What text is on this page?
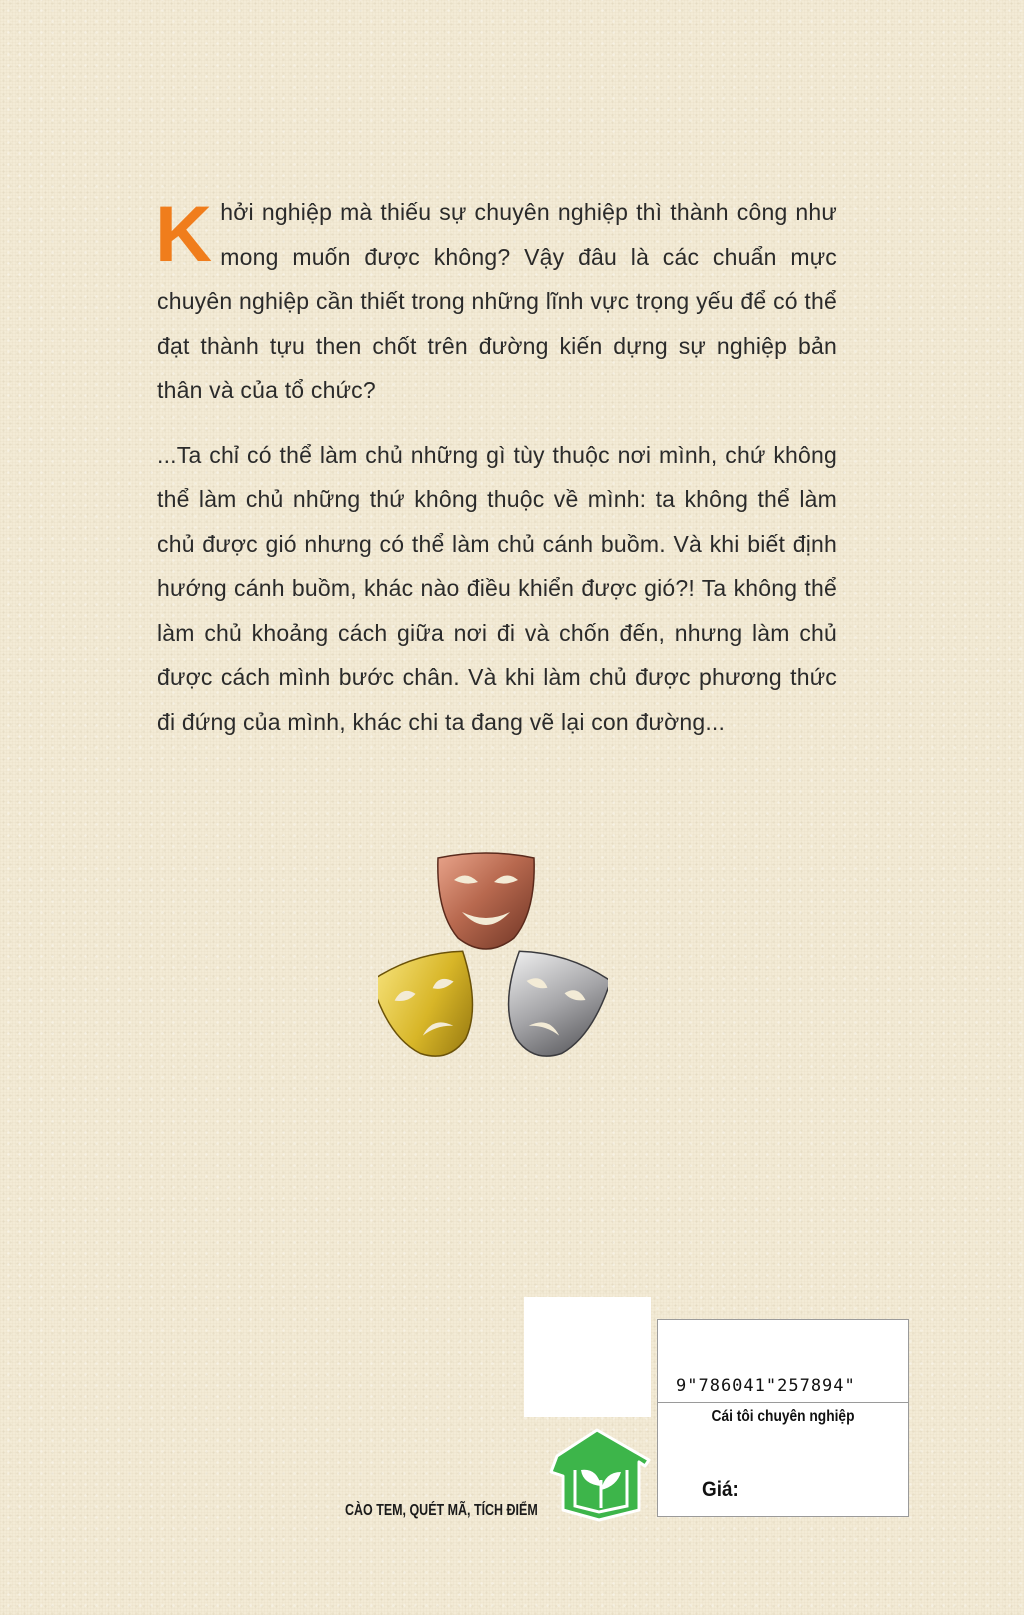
Khởi nghiệp mà thiếu sự chuyên nghiệp thì thành công như mong muốn được không? Vậy đâu là các chuẩn mực chuyên nghiệp cần thiết trong những lĩnh vực trọng yếu để có thể đạt thành tựu then chốt trên đường kiến dựng sự nghiệp bản thân và của tổ chức?

...Ta chỉ có thể làm chủ những gì tùy thuộc nơi mình, chứ không thể làm chủ những thứ không thuộc về mình: ta không thể làm chủ được gió nhưng có thể làm chủ cánh buồm. Và khi biết định hướng cánh buồm, khác nào điều khiển được gió?! Ta không thể làm chủ khoảng cách giữa nơi đi và chốn đến, nhưng làm chủ được cách mình bước chân. Và khi làm chủ được phương thức đi đứng của mình, khác chi ta đang vẽ lại con đường...

9"786041"257894"
Cái tôi chuyên nghiệp
Giá:
CÀO TEM, QUÉT MÃ, TÍCH ĐIỂM
